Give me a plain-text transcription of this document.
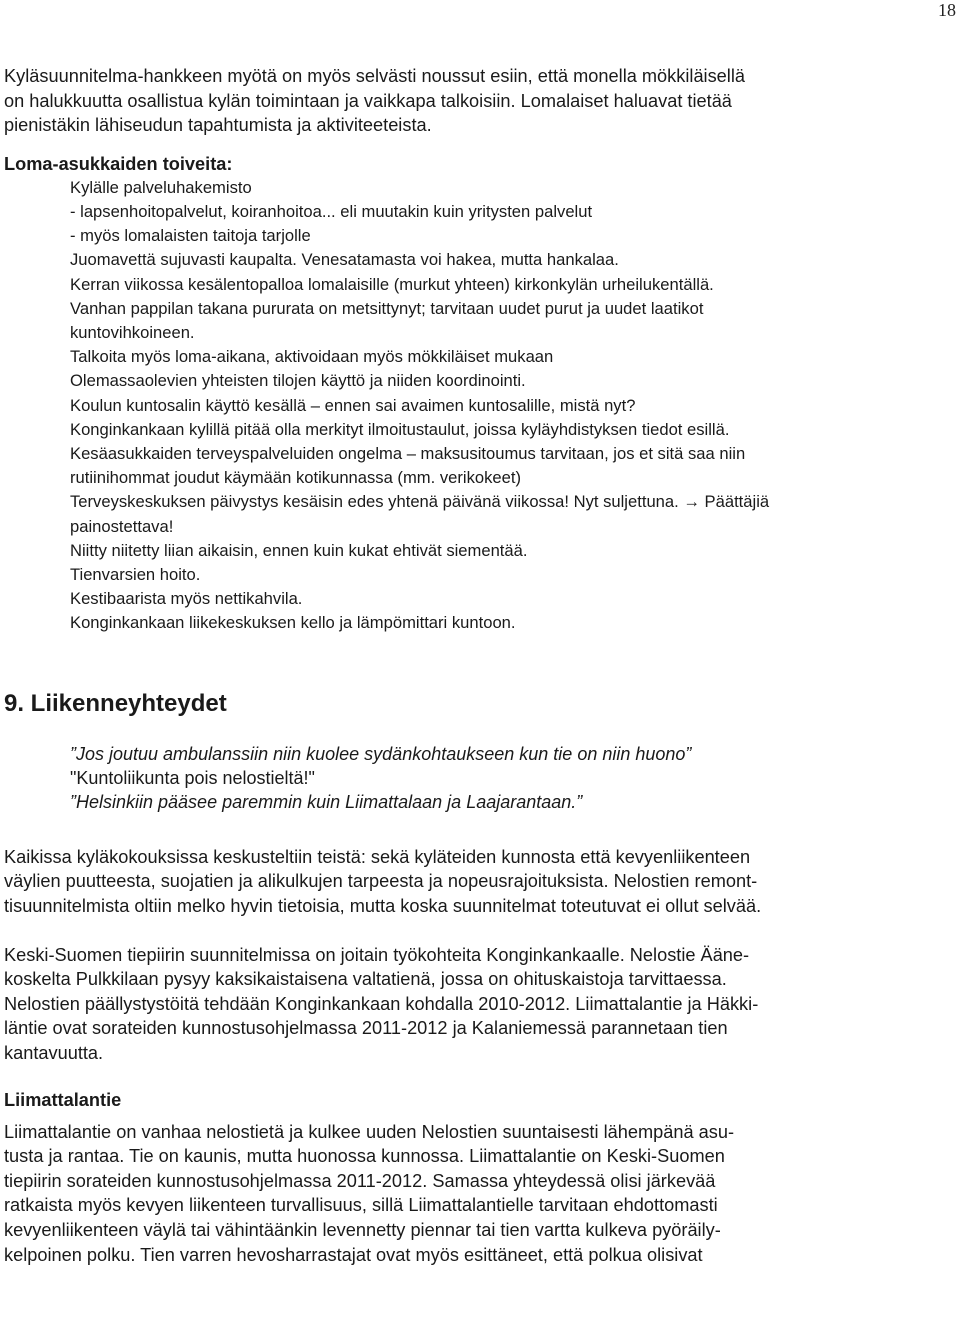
18
Kyläsuunnitelma-hankkeen myötä on myös selvästi noussut esiin, että monella mökkiläisellä
on halukkuutta osallistua kylän toimintaan ja vaikkapa talkoisiin. Lomalaiset haluavat tietää
pienistäkin lähiseudun tapahtumista ja aktiviteeteista.
Loma-asukkaiden toiveita:
Kylälle palveluhakemisto
- lapsenhoitopalvelut, koiranhoitoa... eli muutakin kuin yritysten palvelut
- myös lomalaisten taitoja tarjolle
Juomavettä sujuvasti kaupalta. Venesatamasta voi hakea, mutta hankalaa.
Kerran viikossa kesälentopalloa lomalaisille (murkut yhteen) kirkonkylän urheilukentällä.
Vanhan pappilan takana pururata on metsittynyt; tarvitaan uudet purut ja uudet laatikot
kuntovihkoineen.
Talkoita myös loma-aikana, aktivoidaan myös mökkiläiset mukaan
Olemassaolevien yhteisten tilojen käyttö ja niiden koordinointi.
Koulun kuntosalin käyttö kesällä – ennen sai avaimen kuntosalille, mistä nyt?
Konginkankaan kylillä pitää olla merkityt ilmoitustaulut, joissa kyläyhdistyksen tiedot esillä.
Kesäasukkaiden terveyspalveluiden ongelma – maksusitoumus tarvitaan, jos et sitä saa niin
rutiinihommat joudut käymään kotikunnassa (mm. verikokeet)
Terveyskeskuksen päivystys kesäisin edes yhtenä päivänä viikossa! Nyt suljettuna. → Päättäjiä
painostettava!
Niitty niitetty liian aikaisin, ennen kuin kukat ehtivät siementää.
Tienvarsien hoito.
Kestibaarista myös nettikahvila.
Konginkankaan liikekeskuksen kello ja lämpömittari kuntoon.
9. Liikenneyhteydet
”Jos joutuu ambulanssiin niin kuolee sydänkohtaukseen kun tie on niin huono”
"Kuntoliikunta pois nelostieltä!"
”Helsinkiin pääsee paremmin kuin Liimattalaan ja Laajarantaan.”
Kaikissa kyläkokouksissa keskusteltiin teistä: sekä kyläteiden kunnosta että kevyenliikenteen
väylien puutteesta, suojatien ja alikulkujen tarpeesta ja nopeusrajoituksista. Nelostien remont-
tisuunnitelmista oltiin melko hyvin tietoisia, mutta koska suunnitelmat toteutuvat ei ollut selvää.
Keski-Suomen tiepiirin suunnitelmissa on joitain työkohteita Konginkankaalle. Nelostie Ääne-
koskelta Pulkkilaan pysyy kaksikaistaisena valtatienä, jossa on ohituskaistoja tarvittaessa.
Nelostien päällystystöitä tehdään Konginkankaan kohdalla 2010-2012. Liimattalantie ja Häkki-
läntie ovat sorateiden kunnostusohjelmassa 2011-2012 ja Kalaniemessä parannetaan tien
kantavuutta.
Liimattalantie
Liimattalantie on vanhaa nelostietä ja kulkee uuden Nelostien suuntaisesti lähempänä asu-
tusta ja rantaa. Tie on kaunis, mutta huonossa kunnossa. Liimattalantie on Keski-Suomen
tiepiirin sorateiden kunnostusohjelmassa 2011-2012. Samassa yhteydessä olisi järkevää
ratkaista myös kevyen liikenteen turvallisuus, sillä Liimattalantielle tarvitaan ehdottomasti
kevyenliikenteen väylä tai vähintäänkin levennetty piennar tai tien vartta kulkeva pyöräily-
kelpoinen polku. Tien varren hevosharrastajat ovat myös esittäneet, että polkua olisivat
